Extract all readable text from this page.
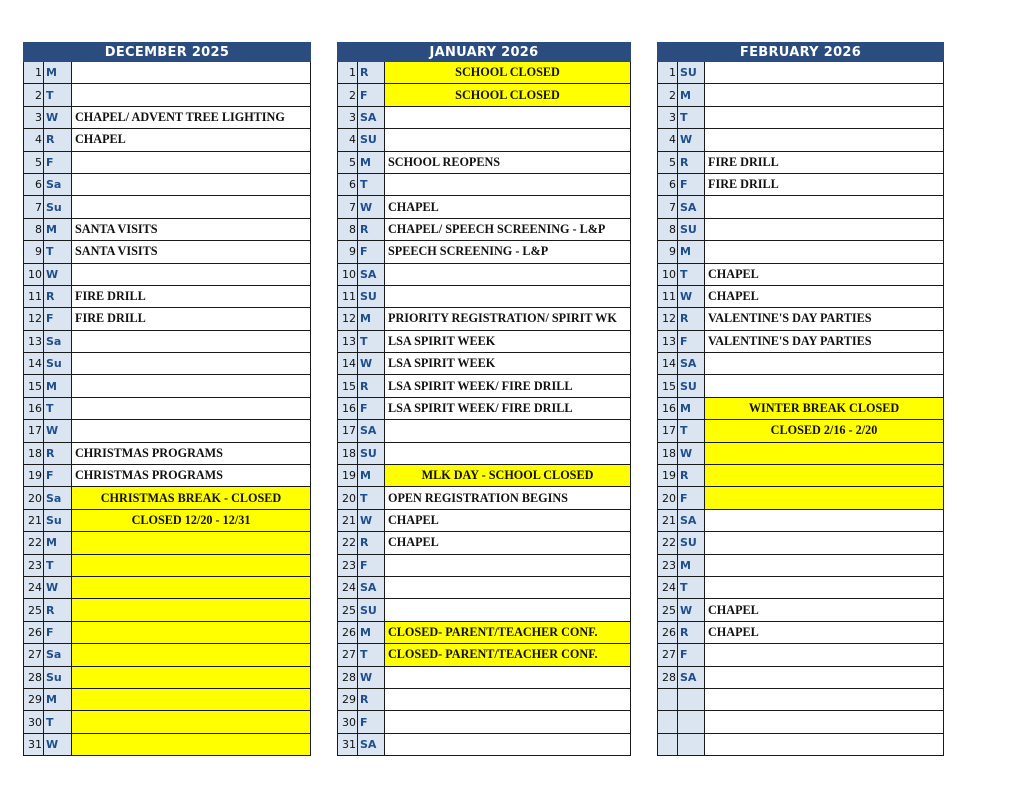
DECEMBER 2025		
1	M	
2	T	
3	W	CHAPEL/ ADVENT TREE LIGHTING
4	R	CHAPEL
5	F	
6	Sa	
7	Su	
8	M	SANTA VISITS
9	T	SANTA VISITS
10	W	
11	R	FIRE DRILL
12	F	FIRE DRILL
13	Sa	
14	Su	
15	M	
16	T	
17	W	
18	R	CHRISTMAS PROGRAMS
19	F	CHRISTMAS PROGRAMS
20	Sa	CHRISTMAS BREAK - CLOSED
21	Su	CLOSED 12/20 - 12/31
22	M	
23	T	
24	W	
25	R	
26	F	
27	Sa	
28	Su	
29	M	
30	T	
31	W	
JANUARY 2026		
1	R	SCHOOL CLOSED
2	F	SCHOOL CLOSED
3	SA	
4	SU	
5	M	SCHOOL REOPENS
6	T	
7	W	CHAPEL
8	R	CHAPEL/ SPEECH SCREENING - L&P
9	F	SPEECH SCREENING - L&P
10	SA	
11	SU	
12	M	PRIORITY REGISTRATION/ SPIRIT WK
13	T	LSA SPIRIT WEEK
14	W	LSA SPIRIT WEEK
15	R	LSA SPIRIT WEEK/ FIRE DRILL
16	F	LSA SPIRIT WEEK/ FIRE DRILL
17	SA	
18	SU	
19	M	MLK DAY - SCHOOL CLOSED
20	T	OPEN REGISTRATION BEGINS
21	W	CHAPEL
22	R	CHAPEL
23	F	
24	SA	
25	SU	
26	M	CLOSED- PARENT/TEACHER CONF.
27	T	CLOSED- PARENT/TEACHER CONF.
28	W	
29	R	
30	F	
31	SA	
FEBRUARY 2026		
1	SU	
2	M	
3	T	
4	W	
5	R	FIRE DRILL
6	F	FIRE DRILL
7	SA	
8	SU	
9	M	
10	T	CHAPEL
11	W	CHAPEL
12	R	VALENTINE'S DAY PARTIES
13	F	VALENTINE'S DAY PARTIES
14	SA	
15	SU	
16	M	WINTER BREAK CLOSED
17	T	CLOSED 2/16 - 2/20
18	W	
19	R	
20	F	
21	SA	
22	SU	
23	M	
24	T	
25	W	CHAPEL
26	R	CHAPEL
27	F	
28	SA	
